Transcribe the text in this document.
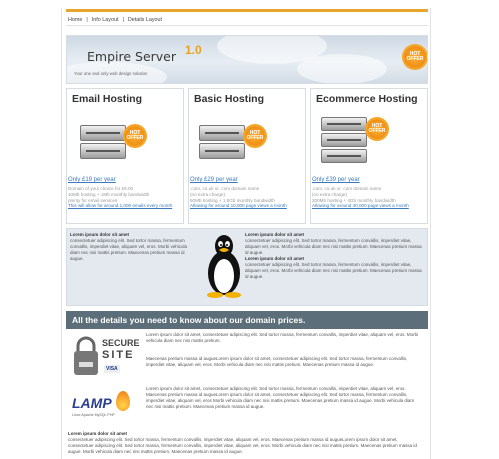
Home | Info Layout | Details Layout
Empire Server 1.0
Your one and only web design solution
HOT OFFER
Email Hosting
HOT OFFER
Only £19 per year
Domain of your choice for £9.00
10Mb hosting + 1Mb monthly bandwidth
plenty for email services
This will allow for around 1,000 emails every month
Basic Hosting
HOT OFFER
Only £29 per year
.com, co.uk or .com domain name
(no extra charge)
50Mb hosting + 1.5Gb monthly bandwidth
Allowing for around 10,000 page views a month
Ecommerce Hosting
HOT OFFER
Only £39 per year
.com, co.uk or .com domain name
(no extra charge)
200Mb hosting + 4Gb monthly bandwidth
Allowing for around 40,000 page views a month
Lorem ipsum dolor sit amet
consectetuer adipiscing elit. Sed tortor massa, fermentum convallis, imperdiet vitae, aliquam vel, eros. Morbi vehicula diam nec nisi mattis pretium. Maecenas pretium massa id augue.
Lorem ipsum dolor sit amet
consectetuer adipiscing elit. Sed tortor massa, fermentum convallis, imperdiet vitae, aliquam vel, eros. Morbi vehicula diam nec nisi mattis pretium. Maecenas pretium massa id augue.
Lorem ipsum dolor sit amet
consectetuer adipiscing elit. Sed tortor massa, fermentum convallis, imperdiet vitae, aliquam vel, eros. Morbi vehicula diam nec nisi mattis pretium. Maecenas pretium massa id augue.
All the details you need to know about our domain prices.
SECURE
SITE
VISA
LAMP
Linux Apache MySQL PHP
Lorem ipsum dolor sit amet, consectetuer adipiscing elit. Sed tortor massa, fermentum convallis, imperdiet vitae, aliquam vel, eros. Morbi vehicula diam nec nisi mattis pretium.
Maecenas pretium massa id augueLorem ipsum dolor sit amet, consectetuer adipiscing elit. Sed tortor massa, fermentum convallis, imperdiet vitae, aliquam vel, eros. Morbi vehicula diam nec nisi mattis pretium. Maecenas pretium massa id augue.
Lorem ipsum dolor sit amet, consectetuer adipiscing elit. Sed tortor massa, fermentum convallis, imperdiet vitae, aliquam vel, eros. Maecenas pretium massa id augueLorem ipsum dolor sit amet, consectetuer adipiscing elit. Sed tortor massa, fermentum convallis, imperdiet vitae, aliquam vel, eros Morbi vehicula diam nec nisi mattis pretium. Maecenas pretium massa id augue. Morbi vehicula diam nec nisi mattis pretium. Maecenas pretium massa id augue.
Lorem ipsum dolor sit amet
consectetuer adipiscing elit. Sed tortor massa, fermentum convallis, imperdiet vitae, aliquam vel, eros. Maecenas pretium massa id augueLorem ipsum dolor sit amet, consectetuer adipiscing elit. Sed tortor massa, fermentum convallis, imperdiet vitae, aliquam vel, eros. Morbi vehicula diam nec nisi mattis pretium. Maecenas pretium massa id augue. Morbi vehicula diam nec nisi mattis pretium. Maecenas pretium massa id augue.
